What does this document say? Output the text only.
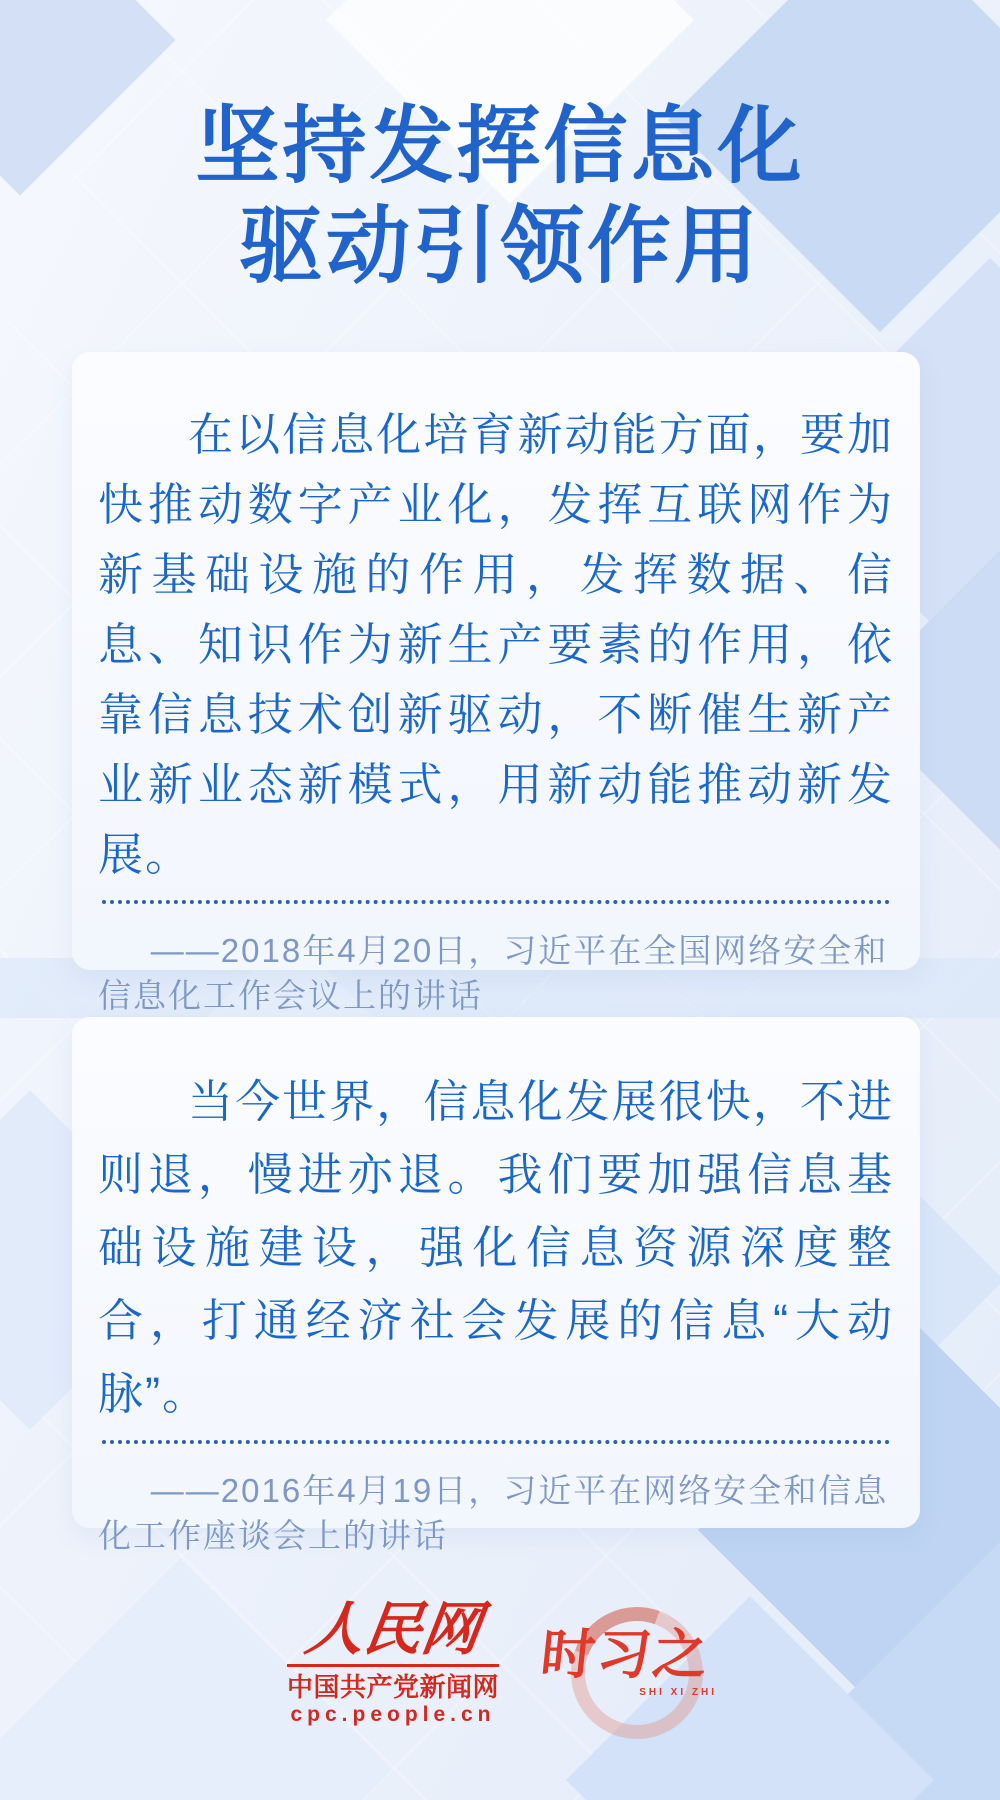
坚持发挥信息化
驱动引领作用

在以信息化培育新动能方面，要加快推动数字产业化，发挥互联网作为新基础设施的作用，发挥数据、信息、知识作为新生产要素的作用，依靠信息技术创新驱动，不断催生新产业新业态新模式，用新动能推动新发展。

——2018年4月20日，习近平在全国网络安全和信息化工作会议上的讲话

当今世界，信息化发展很快，不进则退，慢进亦退。我们要加强信息基础设施建设，强化信息资源深度整合，打通经济社会发展的信息“大动脉”。

——2016年4月19日，习近平在网络安全和信息化工作座谈会上的讲话

人民网
中国共产党新闻网
cpc.people.cn
时习之
SHI XI ZHI
